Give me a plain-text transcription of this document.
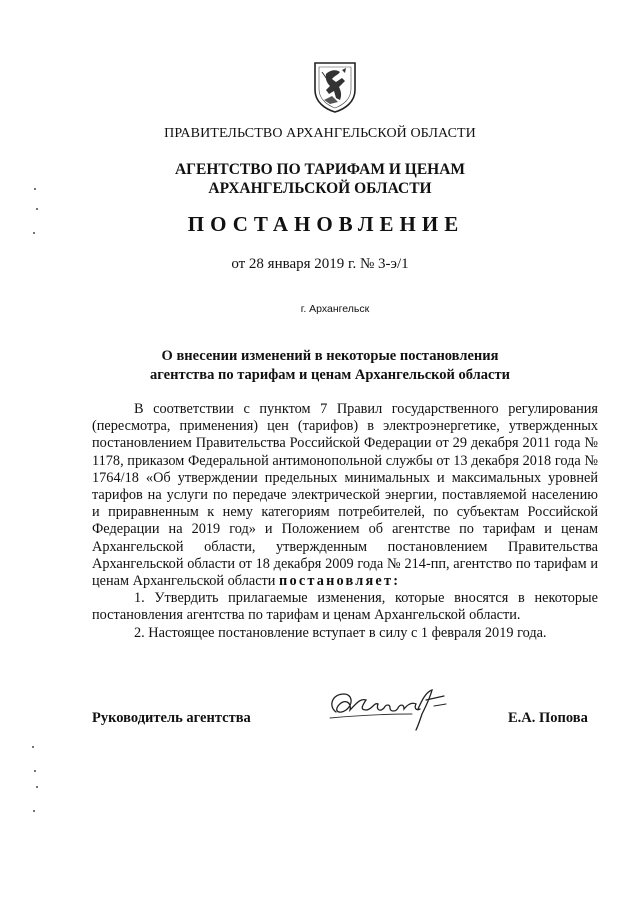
ПРАВИТЕЛЬСТВО АРХАНГЕЛЬСКОЙ ОБЛАСТИ
АГЕНТСТВО ПО ТАРИФАМ И ЦЕНАМ
АРХАНГЕЛЬСКОЙ ОБЛАСТИ
ПОСТАНОВЛЕНИЕ
от 28 января 2019 г. № 3-э/1
г. Архангельск
О внесении изменений в некоторые постановления
агентства по тарифам и ценам Архангельской области

В соответствии с пунктом 7 Правил государственного регулирования (пересмотра, применения) цен (тарифов) в электроэнергетике, утвержденных постановлением Правительства Российской Федерации от 29 декабря 2011 года № 1178, приказом Федеральной антимонопольной службы от 13 декабря 2018 года № 1764/18 «Об утверждении предельных минимальных и максимальных уровней тарифов на услуги по передаче электрической энергии, поставляемой населению и приравненным к нему категориям потребителей, по субъектам Российской Федерации на 2019 год» и Положением об агентстве по тарифам и ценам Архангельской области, утвержденным постановлением Правительства Архангельской области от 18 декабря 2009 года № 214-пп, агентство по тарифам и ценам Архангельской области постановляет:

1. Утвердить прилагаемые изменения, которые вносятся в некоторые постановления агентства по тарифам и ценам Архангельской области.

2. Настоящее постановление вступает в силу с 1 февраля 2019 года.

Руководитель агентства	Е.А. Попова
